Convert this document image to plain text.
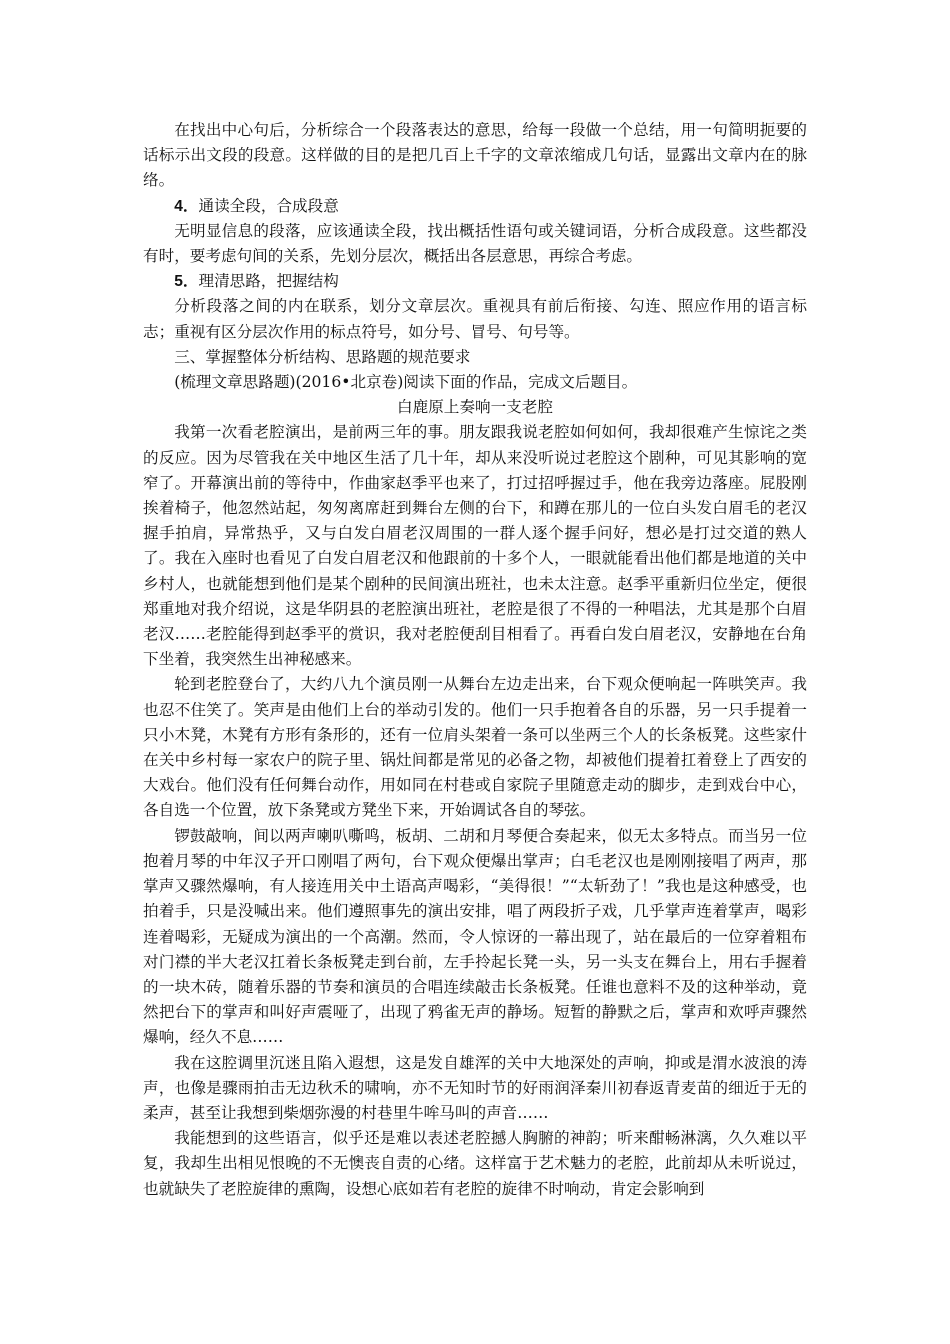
在找出中心句后，分析综合一个段落表达的意思，给每一段做一个总结，用一句简明扼要的话标示出文段的段意。这样做的目的是把几百上千字的文章浓缩成几句话，显露出文章内在的脉络。

4．通读全段，合成段意

无明显信息的段落，应该通读全段，找出概括性语句或关键词语，分析合成段意。这些都没有时，要考虑句间的关系，先划分层次，概括出各层意思，再综合考虑。

5．理清思路，把握结构

分析段落之间的内在联系，划分文章层次。重视具有前后衔接、勾连、照应作用的语言标志；重视有区分层次作用的标点符号，如分号、冒号、句号等。

三、掌握整体分析结构、思路题的规范要求

(梳理文章思路题)(2016•北京卷)阅读下面的作品，完成文后题目。

白鹿原上奏响一支老腔

我第一次看老腔演出，是前两三年的事。朋友跟我说老腔如何如何，我却很难产生惊诧之类的反应。因为尽管我在关中地区生活了几十年，却从来没听说过老腔这个剧种，可见其影响的宽窄了。开幕演出前的等待中，作曲家赵季平也来了，打过招呼握过手，他在我旁边落座。屁股刚挨着椅子，他忽然站起，匆匆离席赶到舞台左侧的台下，和蹲在那儿的一位白头发白眉毛的老汉握手拍肩，异常热乎，又与白发白眉老汉周围的一群人逐个握手问好，想必是打过交道的熟人了。我在入座时也看见了白发白眉老汉和他跟前的十多个人，一眼就能看出他们都是地道的关中乡村人，也就能想到他们是某个剧种的民间演出班社，也未太注意。赵季平重新归位坐定，便很郑重地对我介绍说，这是华阴县的老腔演出班社，老腔是很了不得的一种唱法，尤其是那个白眉老汉……老腔能得到赵季平的赏识，我对老腔便刮目相看了。再看白发白眉老汉，安静地在台角下坐着，我突然生出神秘感来。

轮到老腔登台了，大约八九个演员刚一从舞台左边走出来，台下观众便响起一阵哄笑声。我也忍不住笑了。笑声是由他们上台的举动引发的。他们一只手抱着各自的乐器，另一只手提着一只小木凳，木凳有方形有条形的，还有一位肩头架着一条可以坐两三个人的长条板凳。这些家什在关中乡村每一家农户的院子里、锅灶间都是常见的必备之物，却被他们提着扛着登上了西安的大戏台。他们没有任何舞台动作，用如同在村巷或自家院子里随意走动的脚步，走到戏台中心，各自选一个位置，放下条凳或方凳坐下来，开始调试各自的琴弦。

锣鼓敲响，间以两声喇叭嘶鸣，板胡、二胡和月琴便合奏起来，似无太多特点。而当另一位抱着月琴的中年汉子开口刚唱了两句，台下观众便爆出掌声；白毛老汉也是刚刚接唱了两声，那掌声又骤然爆响，有人接连用关中土语高声喝彩，“美得很！”“太斩劲了！”我也是这种感受，也拍着手，只是没喊出来。他们遵照事先的演出安排，唱了两段折子戏，几乎掌声连着掌声，喝彩连着喝彩，无疑成为演出的一个高潮。然而，令人惊讶的一幕出现了，站在最后的一位穿着粗布对门襟的半大老汉扛着长条板凳走到台前，左手拎起长凳一头，另一头支在舞台上，用右手握着的一块木砖，随着乐器的节奏和演员的合唱连续敲击长条板凳。任谁也意料不及的这种举动，竟然把台下的掌声和叫好声震哑了，出现了鸦雀无声的静场。短暂的静默之后，掌声和欢呼声骤然爆响，经久不息……

我在这腔调里沉迷且陷入遐想，这是发自雄浑的关中大地深处的声响，抑或是渭水波浪的涛声，也像是骤雨拍击无边秋禾的啸响，亦不无知时节的好雨润泽秦川初春返青麦苗的细近于无的柔声，甚至让我想到柴烟弥漫的村巷里牛哞马叫的声音……

我能想到的这些语言，似乎还是难以表述老腔撼人胸腑的神韵；听来酣畅淋漓，久久难以平复，我却生出相见恨晚的不无懊丧自责的心绪。这样富于艺术魅力的老腔，此前却从未听说过，也就缺失了老腔旋律的熏陶，设想心底如若有老腔的旋律不时响动，肯定会影响到
